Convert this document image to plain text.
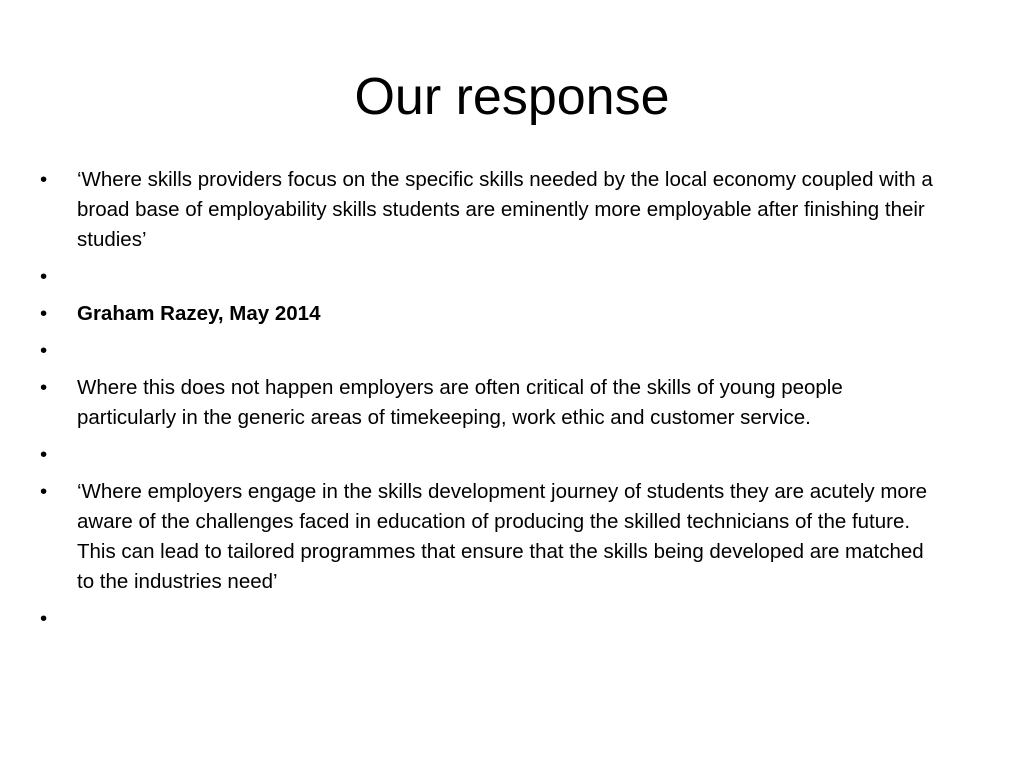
Our response
• ‘Where skills providers focus on the specific skills needed by the local economy coupled with a broad base of employability skills students are eminently more employable after finishing their studies’
•
• Graham Razey, May 2014
•
• Where this does not happen employers are often critical of the skills of young people particularly in the generic areas of timekeeping, work ethic and customer service.
•
• ‘Where employers engage in the skills development journey of students they are acutely more aware of the challenges faced in education of producing the skilled technicians of the future. This can lead to tailored programmes that ensure that the skills being developed are matched to the industries need’
•
